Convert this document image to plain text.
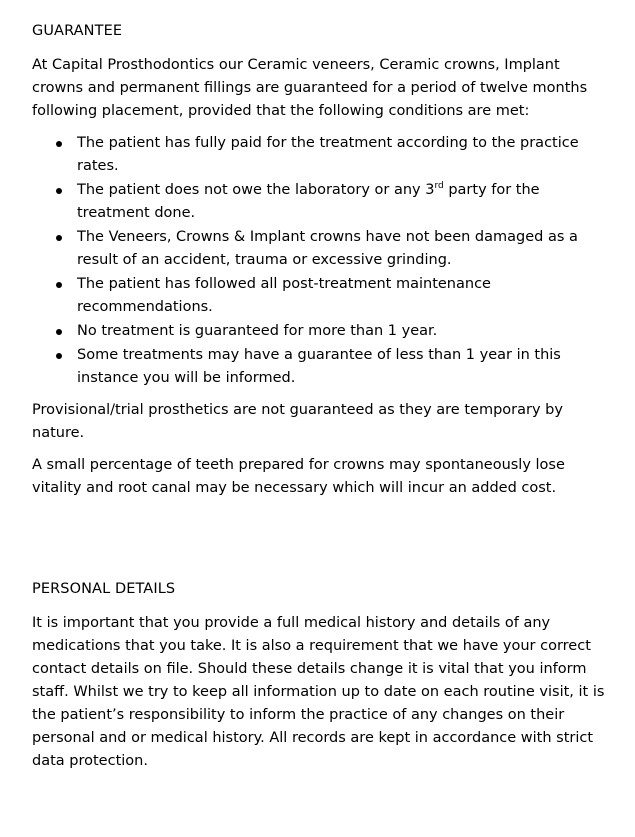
GUARANTEE

At Capital Prosthodontics our Ceramic veneers, Ceramic crowns, Implant crowns and permanent fillings are guaranteed for a period of twelve months following placement, provided that the following conditions are met:

The patient has fully paid for the treatment according to the practice rates.
The patient does not owe the laboratory or any 3rd party for the treatment done.
The Veneers, Crowns & Implant crowns have not been damaged as a result of an accident, trauma or excessive grinding.
The patient has followed all post-treatment maintenance recommendations.
No treatment is guaranteed for more than 1 year.
Some treatments may have a guarantee of less than 1 year in this instance you will be informed.

Provisional/trial prosthetics are not guaranteed as they are temporary by nature.

A small percentage of teeth prepared for crowns may spontaneously lose vitality and root canal may be necessary which will incur an added cost.

PERSONAL DETAILS

It is important that you provide a full medical history and details of any medications that you take. It is also a requirement that we have your correct contact details on file. Should these details change it is vital that you inform staff. Whilst we try to keep all information up to date on each routine visit, it is the patient’s responsibility to inform the practice of any changes on their personal and or medical history. All records are kept in accordance with strict data protection.
